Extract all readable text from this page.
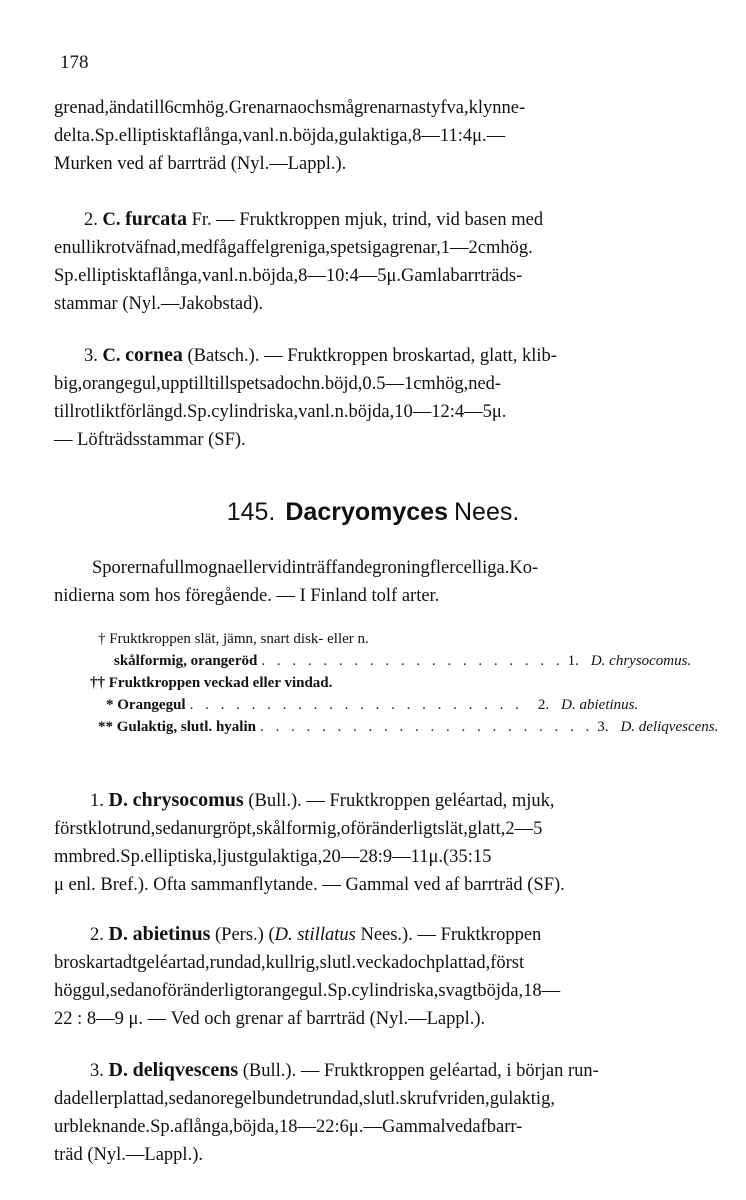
178
grenad,ändatill6cmhög.Grenarnaochsmågrenarnastyfva,klynne-
delta.Sp.elliptisktaflånga,vanl.n.böjda,gulaktiga,8—11:4μ.—
Murken ved af barrträd (Nyl.—Lappl.).
2. C. furcata Fr. — Fruktkroppen mjuk, trind, vid basen med
enullikrotväfnad,medfågaffelgreniga,spetsigagrenar,1—2cmhög.
Sp.elliptisktaflånga,vanl.n.böjda,8—10:4—5μ.Gamlabarrträds-
stammar (Nyl.—Jakobstad).
3. C. cornea (Batsch.). — Fruktkroppen broskartad, glatt, klib-
big,orangegul,upptilltillspetsadochn.böjd,0.5—1cmhög,ned-
tillrotliktförlängd.Sp.cylindriska,vanl.n.böjda,10—12:4—5μ.
— Löfträdsstammar (SF).
145. Dacryomyces Nees.
Sporernafullmognaellervidinträffandegroningflercelliga.Ko-
nidierna som hos föregående. — I Finland tolf arter.
† Fruktkroppen slät, jämn, snart disk- eller n.
skålformig, orangeröd . . . . . . . . . . . . . . . . . . . . 1. D. chrysocomus.
†† Fruktkroppen veckad eller vindad.
* Orangegul . . . . . . . . . . . . . . . . . . . . . .	2. D. abietinus.
** Gulaktig, slutl. hyalin . . . . . . . . . . . . . . . . . . . . . . 3. D. deliqvescens.
1. D. chrysocomus (Bull.). — Fruktkroppen geléartad, mjuk,
förstklotrund,sedanurgröpt,skålformig,oföränderligtslät,glatt,2—5
mmbred.Sp.elliptiska,ljustgulaktiga,20—28:9—11μ.(35:15
μ enl. Bref.). Ofta sammanflytande. — Gammal ved af barrträd (SF).
2. D. abietinus (Pers.) (D. stillatus Nees.). — Fruktkroppen
broskartadtgeléartad,rundad,kullrig,slutl.veckadochplattad,först
höggul,sedanoföränderligtorangegul.Sp.cylindriska,svagtböjda,18—
22 : 8—9 μ. — Ved och grenar af barrträd (Nyl.—Lappl.).
3. D. deliqvescens (Bull.). — Fruktkroppen geléartad, i början run-
dadellerplattad,sedanoregelbundetrundad,slutl.skrufvriden,gulaktig,
urbleknande.Sp.aflånga,böjda,18—22:6μ.—Gammalvedafbarr-
träd (Nyl.—Lappl.).
